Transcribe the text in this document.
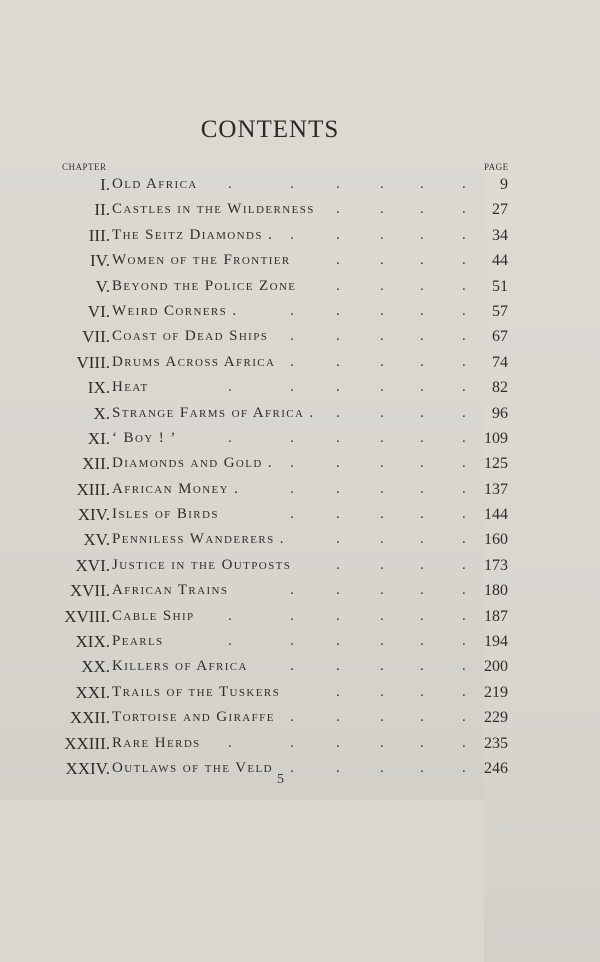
CONTENTS
CHAPTER	PAGE
I. Old Africa	9
.	.	.	. .	.
II. Castles in the Wilderness	27
.	. .	.
III. The Seitz Diamonds .	34
.	.	. .	.
IV. Women of the Frontier	44
.	. .	.
V. Beyond the Police Zone	51
.	. .	.
VI. Weird Corners .	57
.	.	. .	.
VII. Coast of Dead Ships	67
.	.	. .	.
VIII. Drums Across Africa	74
.	.	. .	.
IX. Heat	82
.	.	.	. .	.
X. Strange Farms of Africa .	96
.	. .	.
XI. ‘ Boy ! ’	109
.	.	.	. .	.
XII. Diamonds and Gold .	125
.	.	. .	.
XIII. African Money .	137
.	.	. .	.
XIV. Isles of Birds	144
.	.	. .	.
XV. Penniless Wanderers .	160
.	. .	.
XVI. Justice in the Outposts	173
.	. .	.
XVII. African Trains	180
.	.	. .	.
XVIII. Cable Ship	187
.	.	.	. .	.
XIX. Pearls	194
.	.	.	. .	.
XX. Killers of Africa	200
.	.	. .	.
XXI. Trails of the Tuskers	219
.	. .	.
XXII. Tortoise and Giraffe	229
.	.	. .	.
XXIII. Rare Herds	235
.	.	.	. .	.
XXIV. Outlaws of the Veld	246
.	.	. .	.
5
